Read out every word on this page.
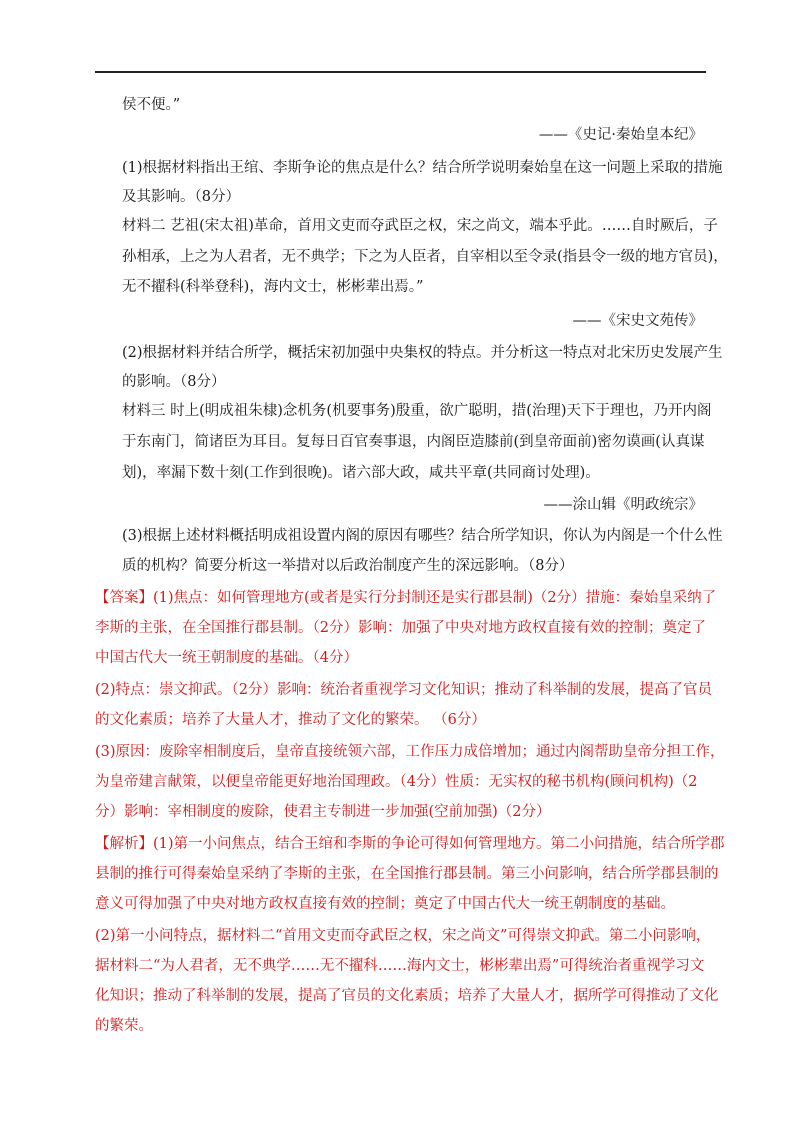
侯不便。”
——《史记·秦始皇本纪》
(1)根据材料指出王绾、李斯争论的焦点是什么？结合所学说明秦始皇在这一问题上采取的措施
及其影响。（8分）
材料二 艺祖(宋太祖)革命，首用文吏而夺武臣之权，宋之尚文，端本乎此。……自时厥后，子
孙相承，上之为人君者，无不典学；下之为人臣者，自宰相以至令录(指县令一级的地方官员)，
无不擢科(科举登科)，海内文士，彬彬辈出焉。”
——《宋史文苑传》
(2)根据材料并结合所学，概括宋初加强中央集权的特点。并分析这一特点对北宋历史发展产生
的影响。（8分）
材料三 时上(明成祖朱棣)念机务(机要事务)殷重，欲广聪明，措(治理)天下于理也，乃开内阁
于东南门，简诸臣为耳目。复每日百官奏事退，内阁臣造膝前(到皇帝面前)密勿谟画(认真谋
划)，率漏下数十刻(工作到很晚)。诸六部大政，咸共平章(共同商讨处理)。
——涂山辑《明政统宗》
(3)根据上述材料概括明成祖设置内阁的原因有哪些？结合所学知识，你认为内阁是一个什么性
质的机构？简要分析这一举措对以后政治制度产生的深远影响。（8分）
【答案】(1)焦点：如何管理地方(或者是实行分封制还是实行郡县制)（2分）措施：秦始皇采纳了
李斯的主张，在全国推行郡县制。（2分）影响：加强了中央对地方政权直接有效的控制；奠定了
中国古代大一统王朝制度的基础。（4分）
(2)特点：崇文抑武。（2分）影响：统治者重视学习文化知识；推动了科举制的发展，提高了官员
的文化素质；培养了大量人才，推动了文化的繁荣。 （6分）
(3)原因：废除宰相制度后，皇帝直接统领六部，工作压力成倍增加；通过内阁帮助皇帝分担工作，
为皇帝建言献策，以便皇帝能更好地治国理政。（4分）性质：无实权的秘书机构(顾问机构)（2
分）影响：宰相制度的废除，使君主专制进一步加强(空前加强)（2分）
【解析】(1)第一小问焦点，结合王绾和李斯的争论可得如何管理地方。第二小问措施，结合所学郡
县制的推行可得秦始皇采纳了李斯的主张，在全国推行郡县制。第三小问影响，结合所学郡县制的
意义可得加强了中央对地方政权直接有效的控制；奠定了中国古代大一统王朝制度的基础。
(2)第一小问特点，据材料二“首用文吏而夺武臣之权，宋之尚文”可得崇文抑武。第二小问影响，
据材料二“为人君者，无不典学……无不擢科……海内文士，彬彬辈出焉”可得统治者重视学习文
化知识；推动了科举制的发展，提高了官员的文化素质；培养了大量人才，据所学可得推动了文化
的繁荣。
